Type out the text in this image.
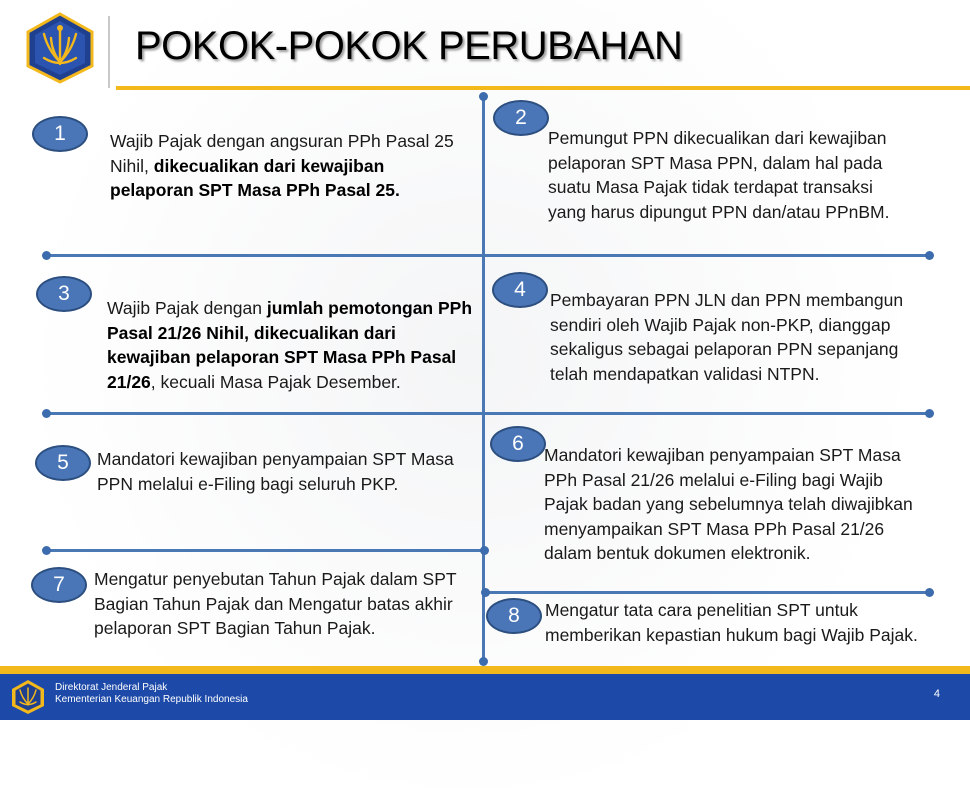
POKOK-POKOK PERUBAHAN
1	Wajib Pajak dengan angsuran PPh Pasal 25 Nihil, dikecualikan dari kewajiban pelaporan SPT Masa PPh Pasal 25.
2
Pemungut PPN dikecualikan dari kewajiban pelaporan SPT Masa PPN, dalam hal pada suatu Masa Pajak tidak terdapat transaksi yang harus dipungut PPN dan/atau PPnBM.
3
Wajib Pajak dengan jumlah pemotongan PPh Pasal 21/26 Nihil, dikecualikan dari kewajiban pelaporan SPT Masa PPh Pasal 21/26, kecuali Masa Pajak Desember.
4	Pembayaran PPN JLN dan PPN membangun sendiri oleh Wajib Pajak non-PKP, dianggap sekaligus sebagai pelaporan PPN sepanjang telah mendapatkan validasi NTPN.
5	Mandatori kewajiban penyampaian SPT Masa PPN melalui e-Filing bagi seluruh PKP.
6	Mandatori kewajiban penyampaian SPT Masa PPh Pasal 21/26 melalui e-Filing bagi Wajib Pajak badan yang sebelumnya telah diwajibkan menyampaikan SPT Masa PPh Pasal 21/26 dalam bentuk dokumen elektronik.
7	Mengatur penyebutan Tahun Pajak dalam SPT Bagian Tahun Pajak dan Mengatur batas akhir pelaporan SPT Bagian Tahun Pajak.
8	Mengatur tata cara penelitian SPT untuk memberikan kepastian hukum bagi Wajib Pajak.
Direktorat Jenderal Pajak
Kementerian Keuangan Republik Indonesia	4
